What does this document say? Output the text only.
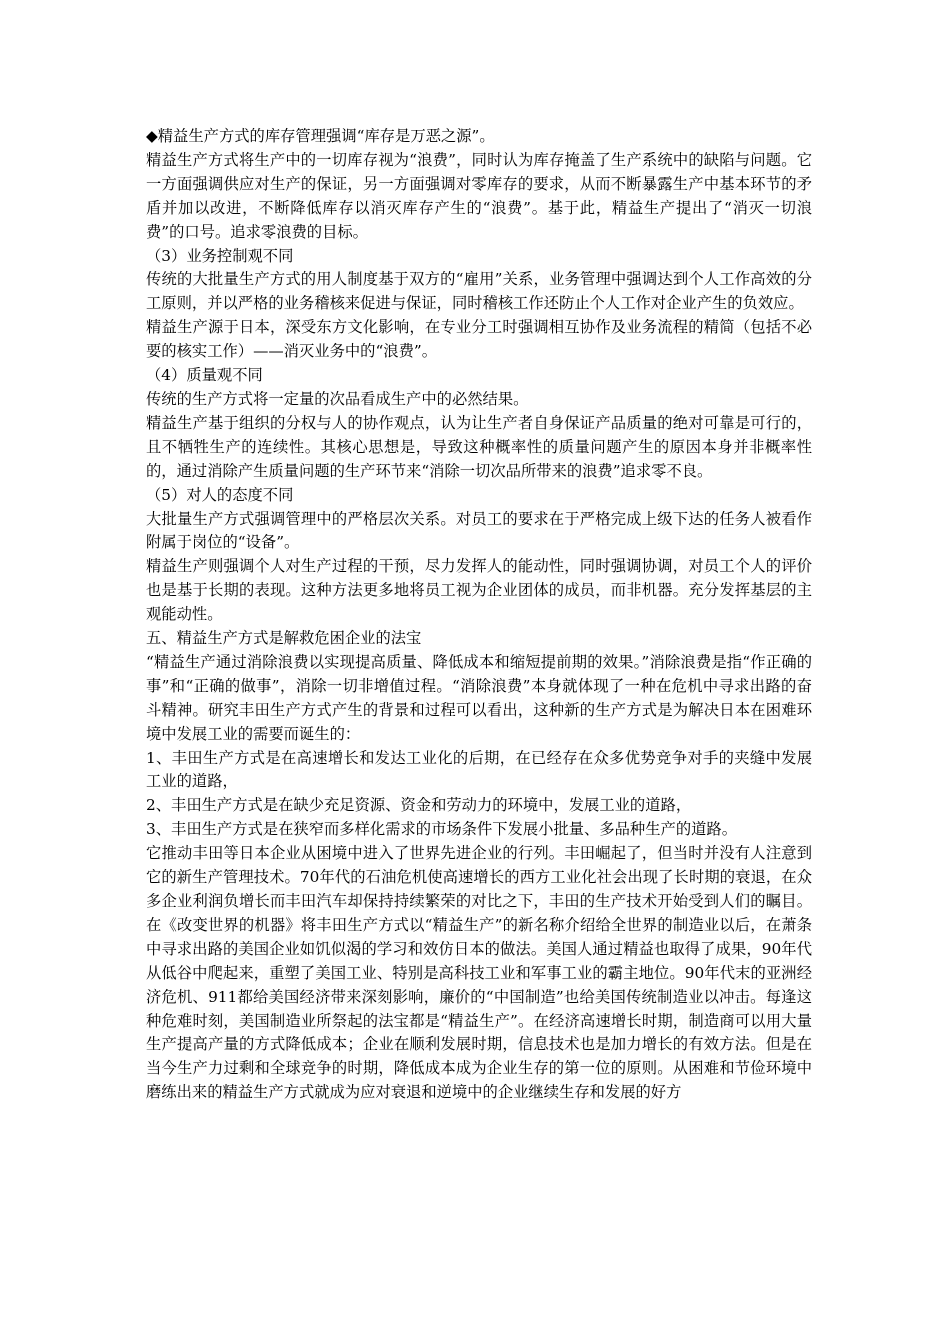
◆精益生产方式的库存管理强调“库存是万恶之源”。

精益生产方式将生产中的一切库存视为“浪费”，同时认为库存掩盖了生产系统中的缺陷与问题。它一方面强调供应对生产的保证，另一方面强调对零库存的要求，从而不断暴露生产中基本环节的矛盾并加以改进，不断降低库存以消灭库存产生的“浪费”。基于此，精益生产提出了“消灭一切浪费”的口号。追求零浪费的目标。

（3）业务控制观不同

传统的大批量生产方式的用人制度基于双方的“雇用”关系，业务管理中强调达到个人工作高效的分工原则，并以严格的业务稽核来促进与保证，同时稽核工作还防止个人工作对企业产生的负效应。

精益生产源于日本，深受东方文化影响，在专业分工时强调相互协作及业务流程的精简（包括不必要的核实工作）——消灭业务中的“浪费”。

（4）质量观不同

传统的生产方式将一定量的次品看成生产中的必然结果。

精益生产基于组织的分权与人的协作观点，认为让生产者自身保证产品质量的绝对可靠是可行的，且不牺牲生产的连续性。其核心思想是，导致这种概率性的质量问题产生的原因本身并非概率性的，通过消除产生质量问题的生产环节来“消除一切次品所带来的浪费”追求零不良。

（5）对人的态度不同

大批量生产方式强调管理中的严格层次关系。对员工的要求在于严格完成上级下达的任务人被看作附属于岗位的“设备”。

精益生产则强调个人对生产过程的干预，尽力发挥人的能动性，同时强调协调，对员工个人的评价也是基于长期的表现。这种方法更多地将员工视为企业团体的成员，而非机器。充分发挥基层的主观能动性。

五、精益生产方式是解救危困企业的法宝

“精益生产通过消除浪费以实现提高质量、降低成本和缩短提前期的效果。”消除浪费是指“作正确的事”和“正确的做事”，消除一切非增值过程。“消除浪费”本身就体现了一种在危机中寻求出路的奋斗精神。研究丰田生产方式产生的背景和过程可以看出，这种新的生产方式是为解决日本在困难环境中发展工业的需要而诞生的：

1、丰田生产方式是在高速增长和发达工业化的后期，在已经存在众多优势竞争对手的夹缝中发展工业的道路，

2、丰田生产方式是在缺少充足资源、资金和劳动力的环境中，发展工业的道路，

3、丰田生产方式是在狭窄而多样化需求的市场条件下发展小批量、多品种生产的道路。

它推动丰田等日本企业从困境中进入了世界先进企业的行列。丰田崛起了，但当时并没有人注意到它的新生产管理技术。70年代的石油危机使高速增长的西方工业化社会出现了长时期的衰退，在众多企业利润负增长而丰田汽车却保持持续繁荣的对比之下，丰田的生产技术开始受到人们的瞩目。在《改变世界的机器》将丰田生产方式以“精益生产”的新名称介绍给全世界的制造业以后，在萧条中寻求出路的美国企业如饥似渴的学习和效仿日本的做法。美国人通过精益也取得了成果，90年代从低谷中爬起来，重塑了美国工业、特别是高科技工业和军事工业的霸主地位。90年代末的亚洲经济危机、911都给美国经济带来深刻影响，廉价的“中国制造”也给美国传统制造业以冲击。每逢这种危难时刻，美国制造业所祭起的法宝都是“精益生产”。在经济高速增长时期，制造商可以用大量生产提高产量的方式降低成本；企业在顺利发展时期，信息技术也是加力增长的有效方法。但是在当今生产力过剩和全球竞争的时期，降低成本成为企业生存的第一位的原则。从困难和节俭环境中磨练出来的精益生产方式就成为应对衰退和逆境中的企业继续生存和发展的好方
